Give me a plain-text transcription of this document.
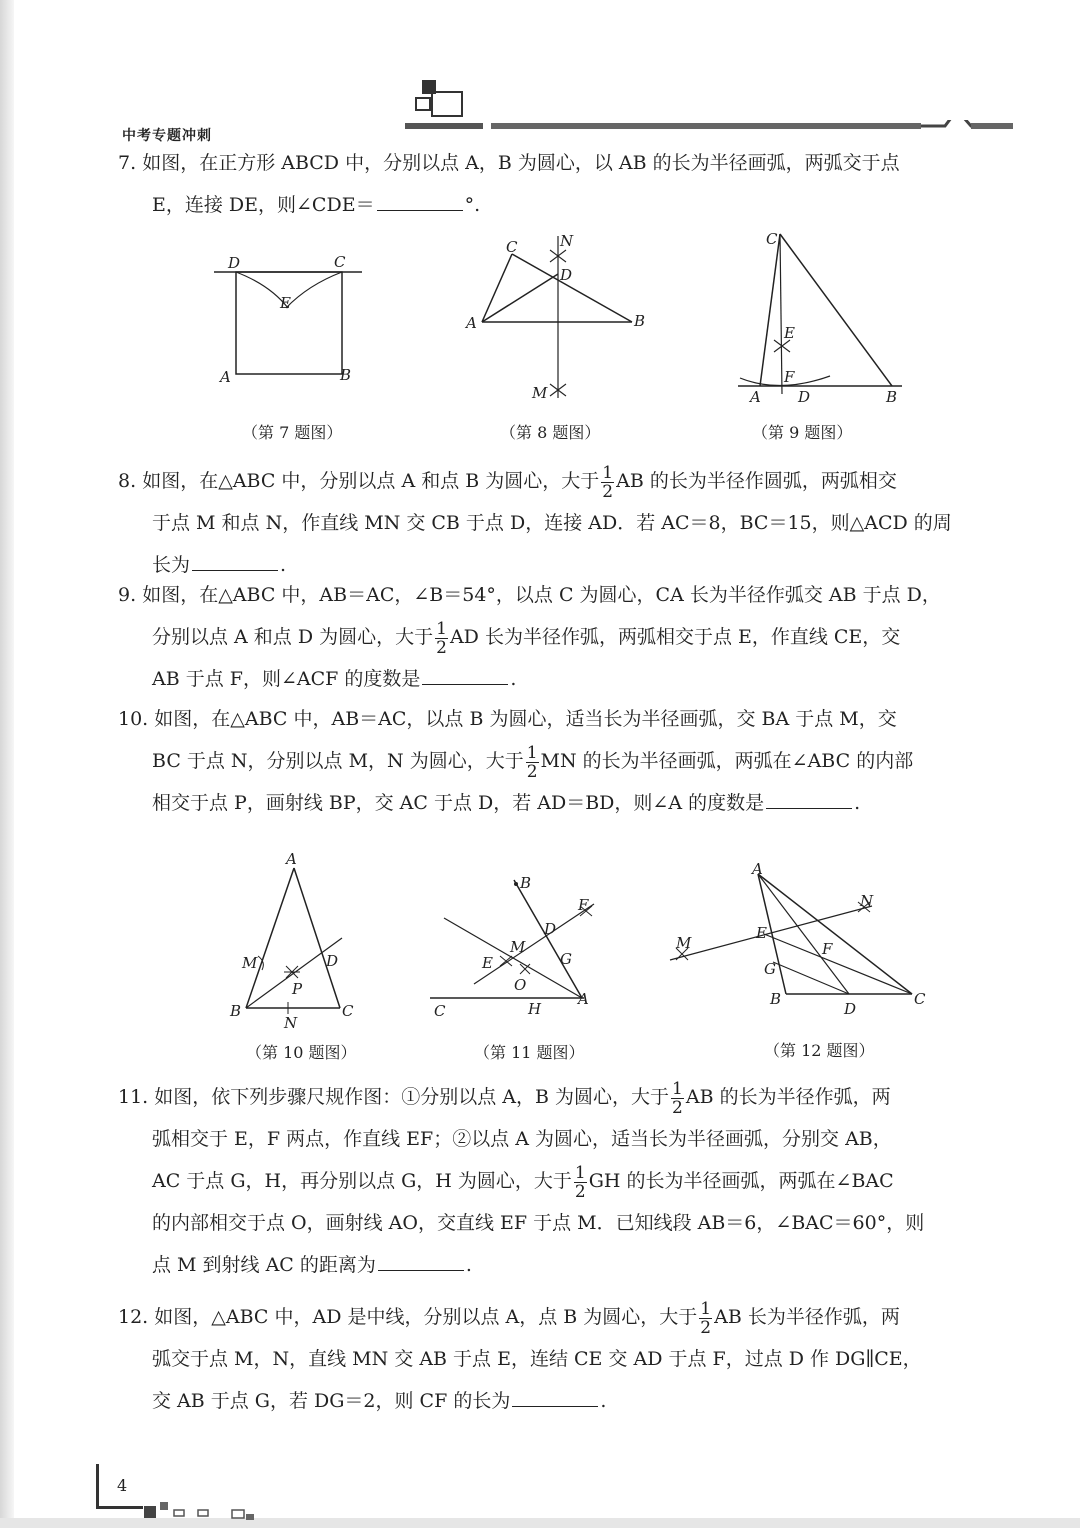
中考专题冲刺
7. 如图，在正方形 ABCD 中，分别以点 A，B 为圆心，以 AB 的长为半径画弧，两弧交于点
E，连接 DE，则∠CDE＝	°.
D	C
E
A	B
（第 7 题图）
C	N
D
A	B
M
（第 8 题图）
C
E
F
A D	B
（第 9 题图）
8. 如图，在△ABC 中，分别以点 A 和点 B 为圆心，大于 $\frac{1}{2}$ AB 的长为半径作圆弧，两弧相交
于点 M 和点 N，作直线 MN 交 CB 于点 D，连接 AD．若 AC＝8，BC＝15，则△ACD 的周
长为	.
9. 如图，在△ABC 中，AB＝AC，∠B＝54°，以点 C 为圆心，CA 长为半径作弧交 AB 于点 D，
分别以点 A 和点 D 为圆心，大于 $\frac{1}{2}$ AD 长为半径作弧，两弧相交于点 E，作直线 CE，交
AB 于点 F，则∠ACF 的度数是	.
10. 如图，在△ABC 中，AB＝AC，以点 B 为圆心，适当长为半径画弧，交 BA 于点 M，交
BC 于点 N，分别以点 M，N 为圆心，大于 $\frac{1}{2}$ MN 的长为半径画弧，两弧在∠ABC 的内部
相交于点 P，画射线 BP，交 AC 于点 D，若 AD＝BD，则∠A 的度数是	.
A
M	D
P
B	C
N
（第 10 题图）
B
F
D
M
E	G
O
C	H
A
（第 11 题图）
A
N
M
E
F
G
B
D
C
（第 12 题图）
11. 如图，依下列步骤尺规作图：①分别以点 A，B 为圆心，大于 $\frac{1}{2}$ AB 的长为半径作弧，两
弧相交于 E，F 两点，作直线 EF；②以点 A 为圆心，适当长为半径画弧，分别交 AB，
AC 于点 G，H，再分别以点 G，H 为圆心，大于 $\frac{1}{2}$ GH 的长为半径画弧，两弧在∠BAC
的内部相交于点 O，画射线 AO，交直线 EF 于点 M．已知线段 AB＝6，∠BAC＝60°，则
点 M 到射线 AC 的距离为	.
12. 如图，△ABC 中，AD 是中线，分别以点 A，点 B 为圆心，大于 $\frac{1}{2}$ AB 长为半径作弧，两
弧交于点 M，N，直线 MN 交 AB 于点 E，连结 CE 交 AD 于点 F，过点 D 作 DG∥CE，
交 AB 于点 G，若 DG＝2，则 CF 的长为	.
4
